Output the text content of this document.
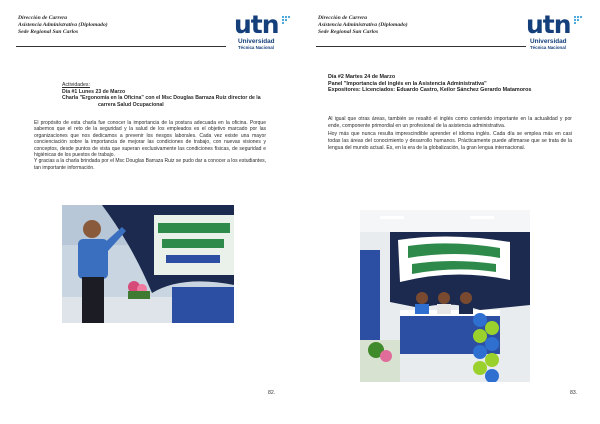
Dirección de Carrera
Asistencia Administrativa (Diplomado)
Sede Regional San Carlos	utn
Universidad
Técnica Nacional
Actividades:
Día #1 Lunes 23 de Marzo
Charla "Ergonomía en la Oficina" con el Msc Douglas Barraza Ruiz director de la
carrera Salud Ocupacional

El propósito de esta charla fue conocer la importancia de la postura adecuada en la oficina. Porque sabemos que el reto de la seguridad y la salud de los empleados es el objetivo marcado por las organizaciones que nos dedicamos a prevenir los riesgos laborales. Cada vez existe una mayor concienciación sobre la importancia de mejorar las condiciones de trabajo, con nuevas visiones y conceptos, desde puntos de vista que superan exclusivamente las condiciones físicas, de seguridad e higiénicas de los puestos de trabajo.

Y gracias a la charla brindada por el Msc Douglas Barraza Ruiz se pudo dar a conocer a los estudiantes, tan importante información.

82.
Dirección de Carrera
Asistencia Administrativa (Diplomado)
Sede Regional San Carlos	utn
Universidad
Técnica Nacional
Día #2 Martes 24 de Marzo
Panel "Importancia del inglés en la Asistencia Administrativa"
Expositores: Licenciados: Eduardo Castro, Keilor Sánchez Gerardo Matamoros

Al igual que otras áreas, también se resaltó el inglés como contenido importante en la actualidad y por ende, componente primordial en un profesional de la asistencia administrativa.

Hoy más que nunca resulta imprescindible aprender el idioma inglés. Cada día se emplea más en casi todas las áreas del conocimiento y desarrollo humanos. Prácticamente puede afirmarse que se trata de la lengua del mundo actual. Es, en la era de la globalización, la gran lengua internacional.

83.
